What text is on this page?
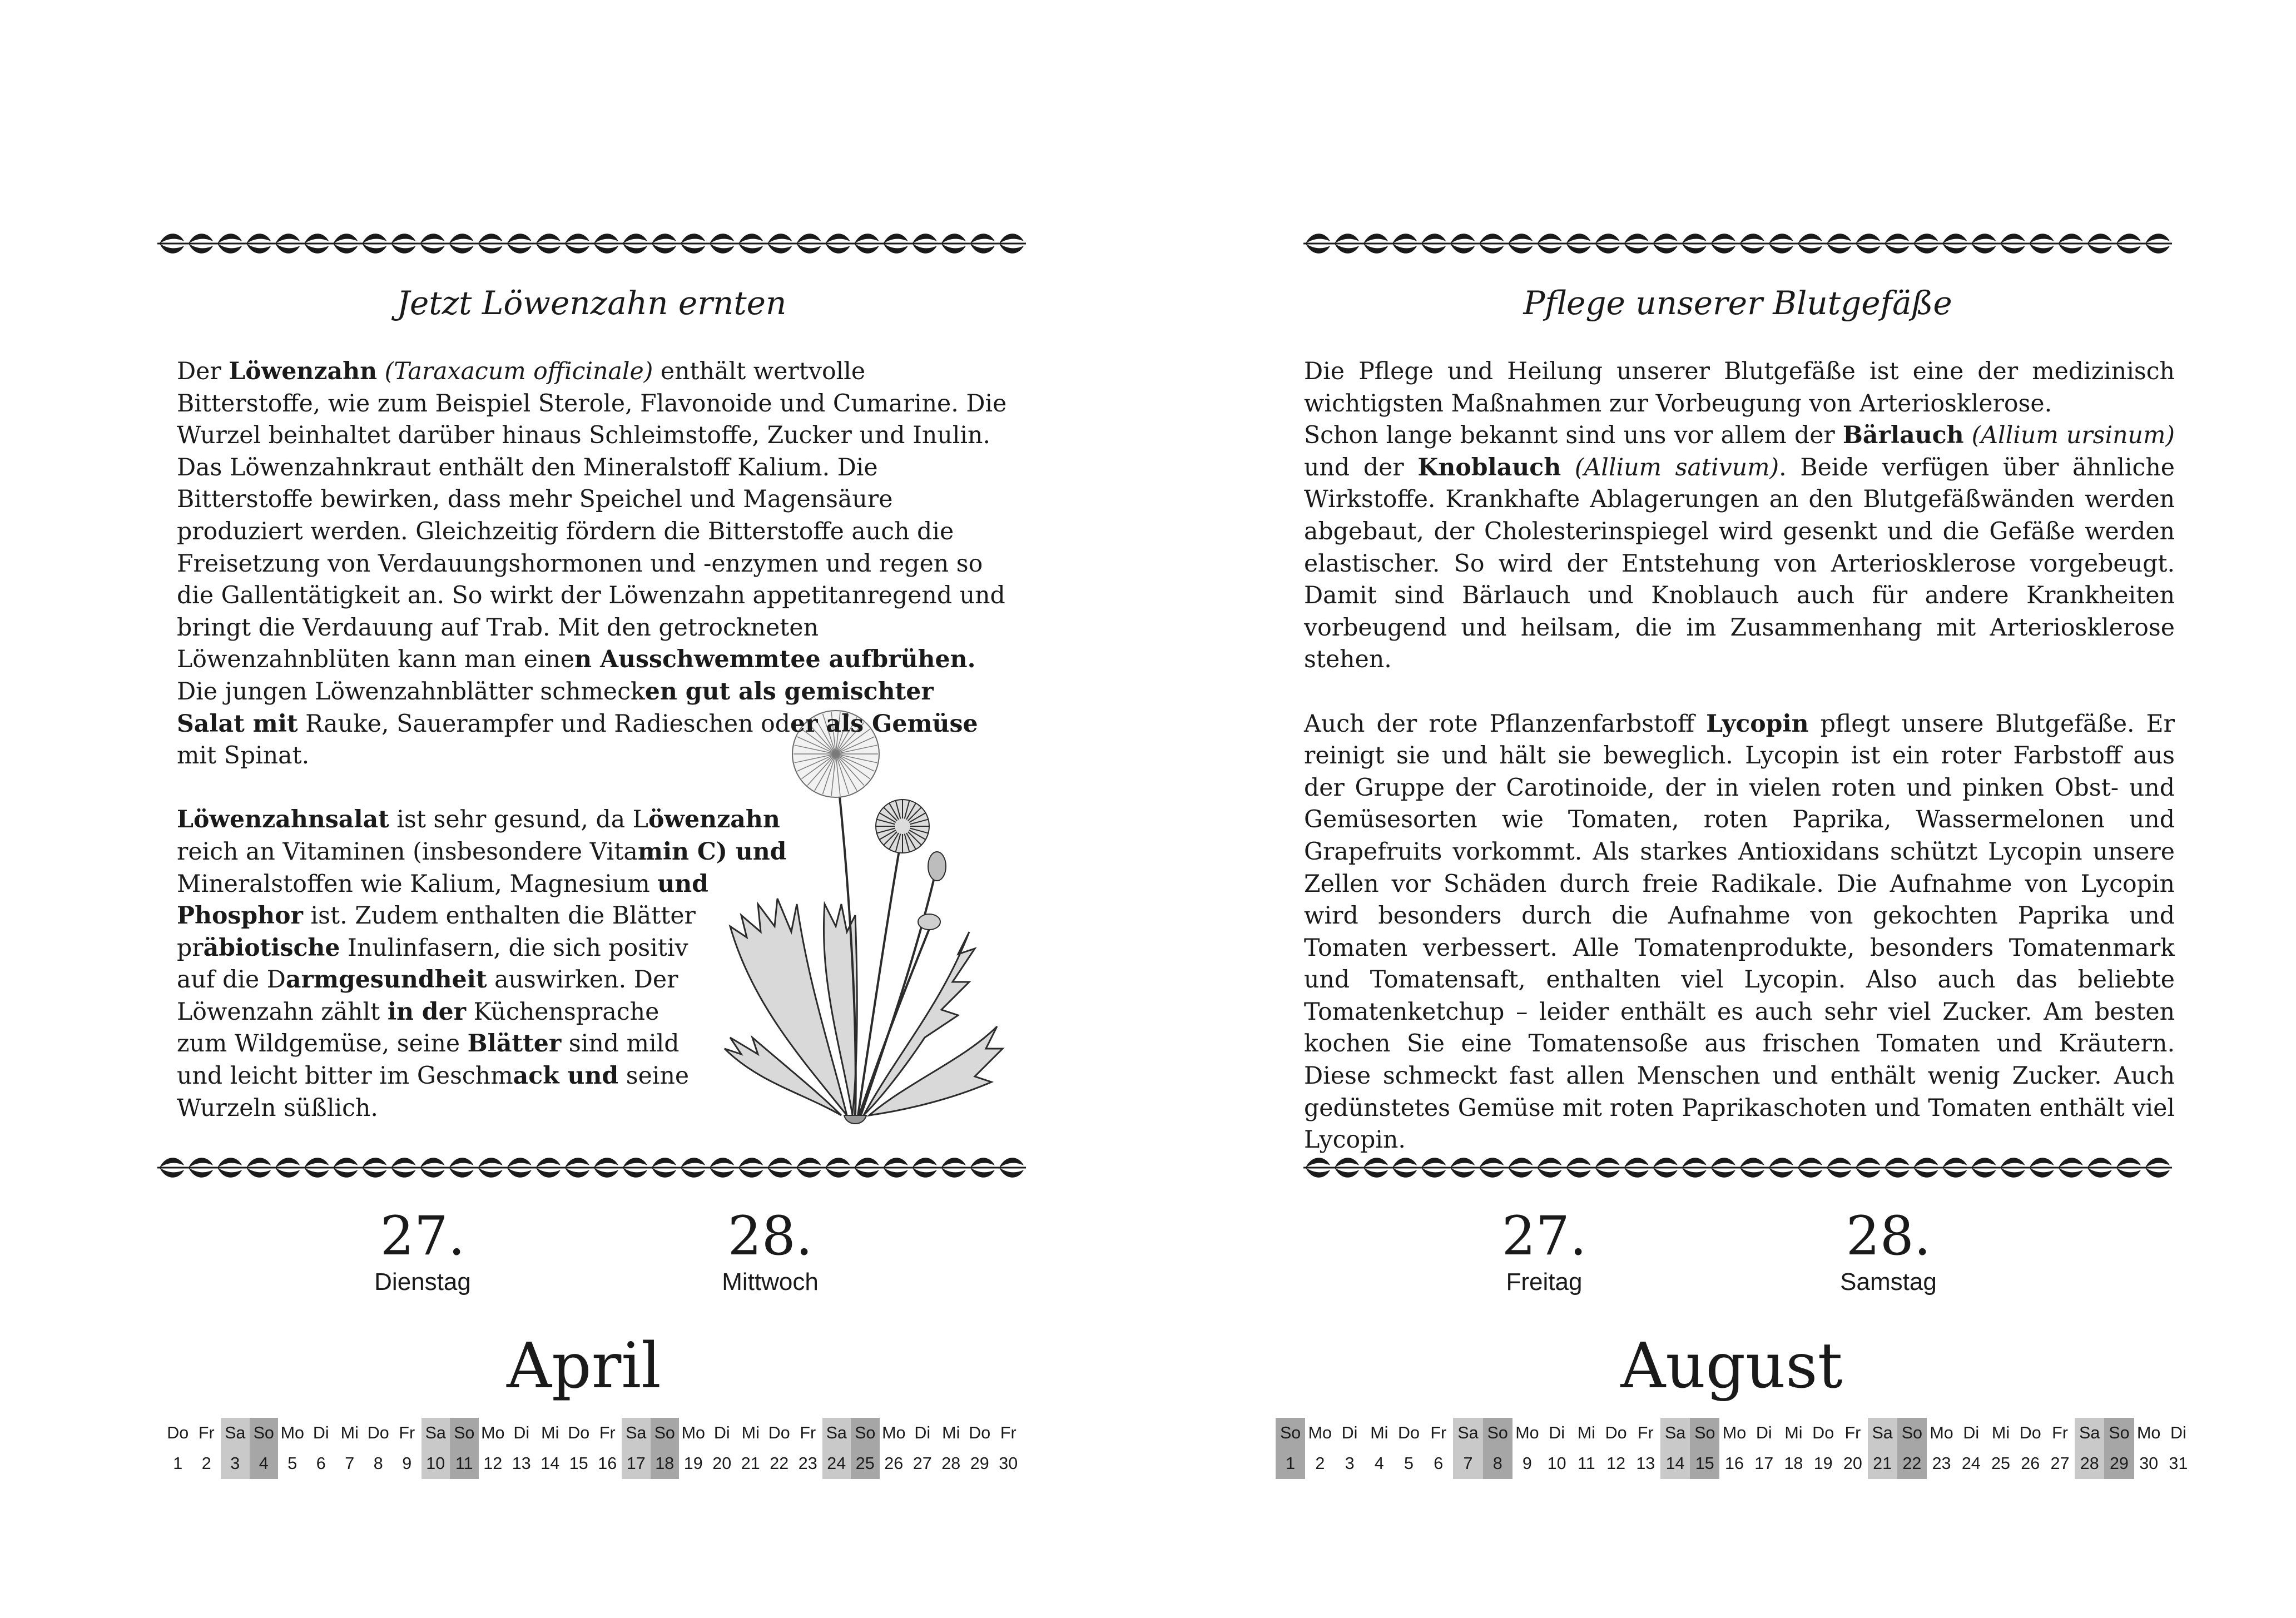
Jetzt Löwenzahn ernten

Der Löwenzahn (Taraxacum officinale) enthält wertvolle Bitterstoffe, wie zum Beispiel Sterole, Flavonoide und Cumarine. Die Wurzel beinhaltet darüber hinaus Schleimstoffe, Zucker und Inulin. Das Löwenzahnkraut enthält den Mineralstoff Kalium. Die Bitterstoffe bewirken, dass mehr Speichel und Magensäure produziert werden. Gleichzeitig fördern die Bitterstoffe auch die Freisetzung von Verdauungshormonen und -enzymen und regen so die Gallentätigkeit an. So wirkt der Löwenzahn appetitanregend und bringt die Verdauung auf Trab. Mit den getrockneten Löwenzahnblüten kann man einen Ausschwemmtee aufbrühen. Die jungen Löwenzahnblätter schmecken gut als gemischter Salat mit Rauke, Sauerampfer und Radieschen oder als Gemüse mit Spinat.

Löwenzahnsalat ist sehr gesund, da Löwenzahn reich an Vitaminen (insbesondere Vitamin C) und Mineralstoffen wie Kalium, Magnesium und Phosphor ist. Zudem enthalten die Blätter präbiotische Inulinfasern, die sich positiv auf die Darmgesundheit auswirken. Der Löwenzahn zählt in der Küchensprache zum Wildgemüse, seine Blätter sind mild und leicht bitter im Geschmack und seine Wurzeln süßlich.

27.
Dienstag
28.
Mittwoch
April
Do
1
Fr
2
Sa
3
So
4
Mo
5
Di
6
Mi
7
Do
8
Fr
9
Sa
10
So
11
Mo
12
Di
13
Mi
14
Do
15
Fr
16
Sa
17
So
18
Mo
19
Di
20
Mi
21
Do
22
Fr
23
Sa
24
So
25
Mo
26
Di
27
Mi
28
Do
29
Fr
30
Pflege unserer Blutgefäße

Die Pflege und Heilung unserer Blutgefäße ist eine der medizinisch wichtigsten Maßnahmen zur Vorbeugung von Arteriosklerose.
Schon lange bekannt sind uns vor allem der Bärlauch (Allium ursinum) und der Knoblauch (Allium sativum). Beide verfügen über ähnliche Wirkstoffe. Krankhafte Ablagerungen an den Blutgefäßwänden werden abgebaut, der Cholesterinspiegel wird gesenkt und die Gefäße werden elastischer. So wird der Entstehung von Arteriosklerose vorgebeugt. Damit sind Bärlauch und Knoblauch auch für andere Krankheiten vorbeugend und heilsam, die im Zusammenhang mit Arteriosklerose stehen.

Auch der rote Pflanzenfarbstoff Lycopin pflegt unsere Blutgefäße. Er reinigt sie und hält sie beweglich. Lycopin ist ein roter Farbstoff aus der Gruppe der Carotinoide, der in vielen roten und pinken Obst- und Gemüsesorten wie Tomaten, roten Paprika, Wassermelonen und Grapefruits vorkommt. Als starkes Antioxidans schützt Lycopin unsere Zellen vor Schäden durch freie Radikale. Die Aufnahme von Lycopin wird besonders durch die Aufnahme von gekochten Paprika und Tomaten verbessert. Alle Tomatenprodukte, besonders Tomatenmark und Tomatensaft, enthalten viel Lycopin. Also auch das beliebte Tomatenketchup – leider enthält es auch sehr viel Zucker. Am besten kochen Sie eine Tomatensoße aus frischen Tomaten und Kräutern. Diese schmeckt fast allen Menschen und enthält wenig Zucker. Auch gedünstetes Gemüse mit roten Paprikaschoten und Tomaten enthält viel Lycopin.

27.
Freitag
28.
Samstag
August
So
1
Mo
2
Di
3
Mi
4
Do
5
Fr
6
Sa
7
So
8
Mo
9
Di
10
Mi
11
Do
12
Fr
13
Sa
14
So
15
Mo
16
Di
17
Mi
18
Do
19
Fr
20
Sa
21
So
22
Mo
23
Di
24
Mi
25
Do
26
Fr
27
Sa
28
So
29
Mo
30
Di
31
